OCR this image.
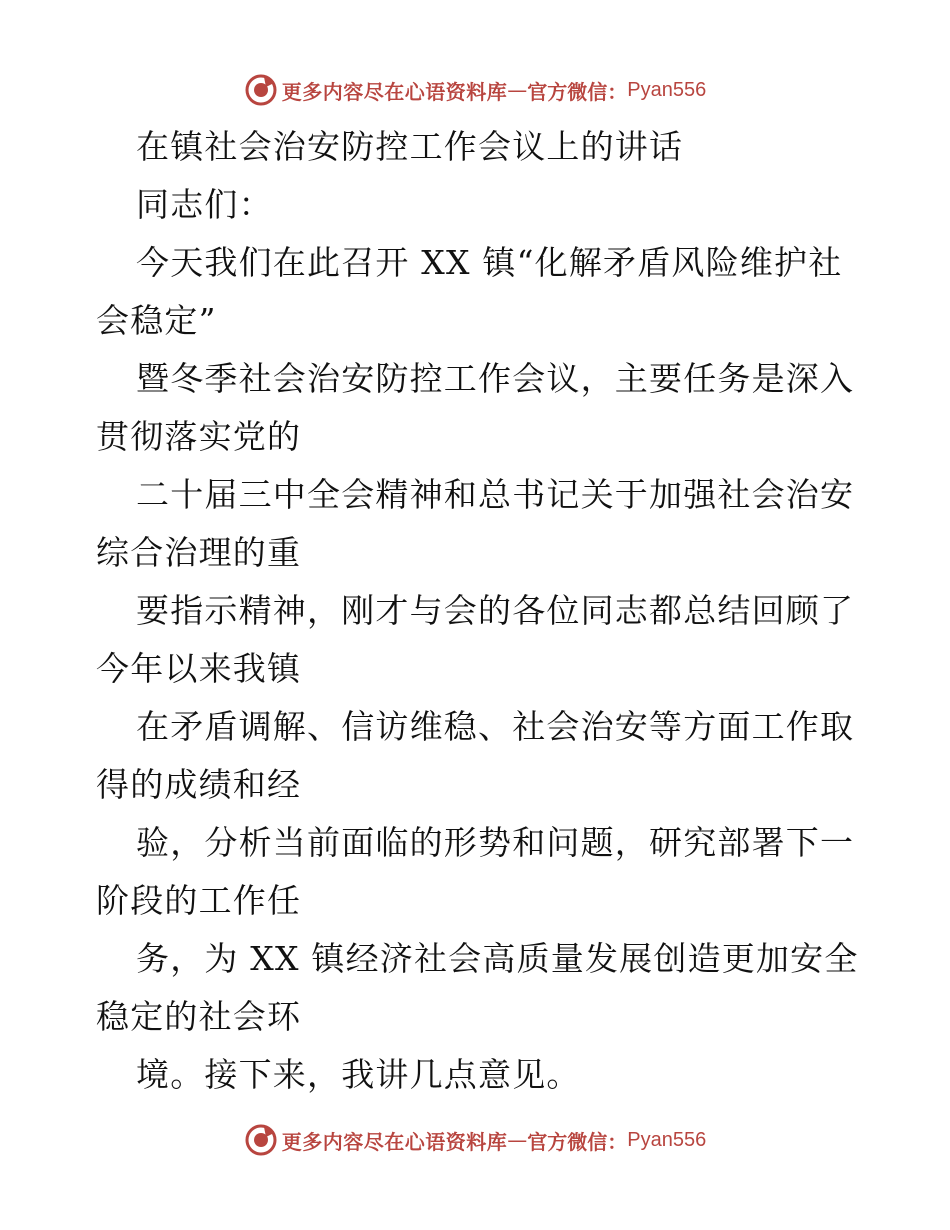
更多内容尽在心语资料库 — 官方微信： Pyan556
在镇社会治安防控工作会议上的讲话
同志们：
今天我们在此召开 XX 镇“化解矛盾风险维护社
会稳定”
暨冬季社会治安防控工作会议，主要任务是深入
贯彻落实党的
二十届三中全会精神和总书记关于加强社会治安
综合治理的重
要指示精神，刚才与会的各位同志都总结回顾了
今年以来我镇
在矛盾调解、信访维稳、社会治安等方面工作取
得的成绩和经
验，分析当前面临的形势和问题，研究部署下一
阶段的工作任
务，为 XX 镇经济社会高质量发展创造更加安全
稳定的社会环
境。接下来，我讲几点意见。
更多内容尽在心语资料库 — 官方微信： Pyan556
